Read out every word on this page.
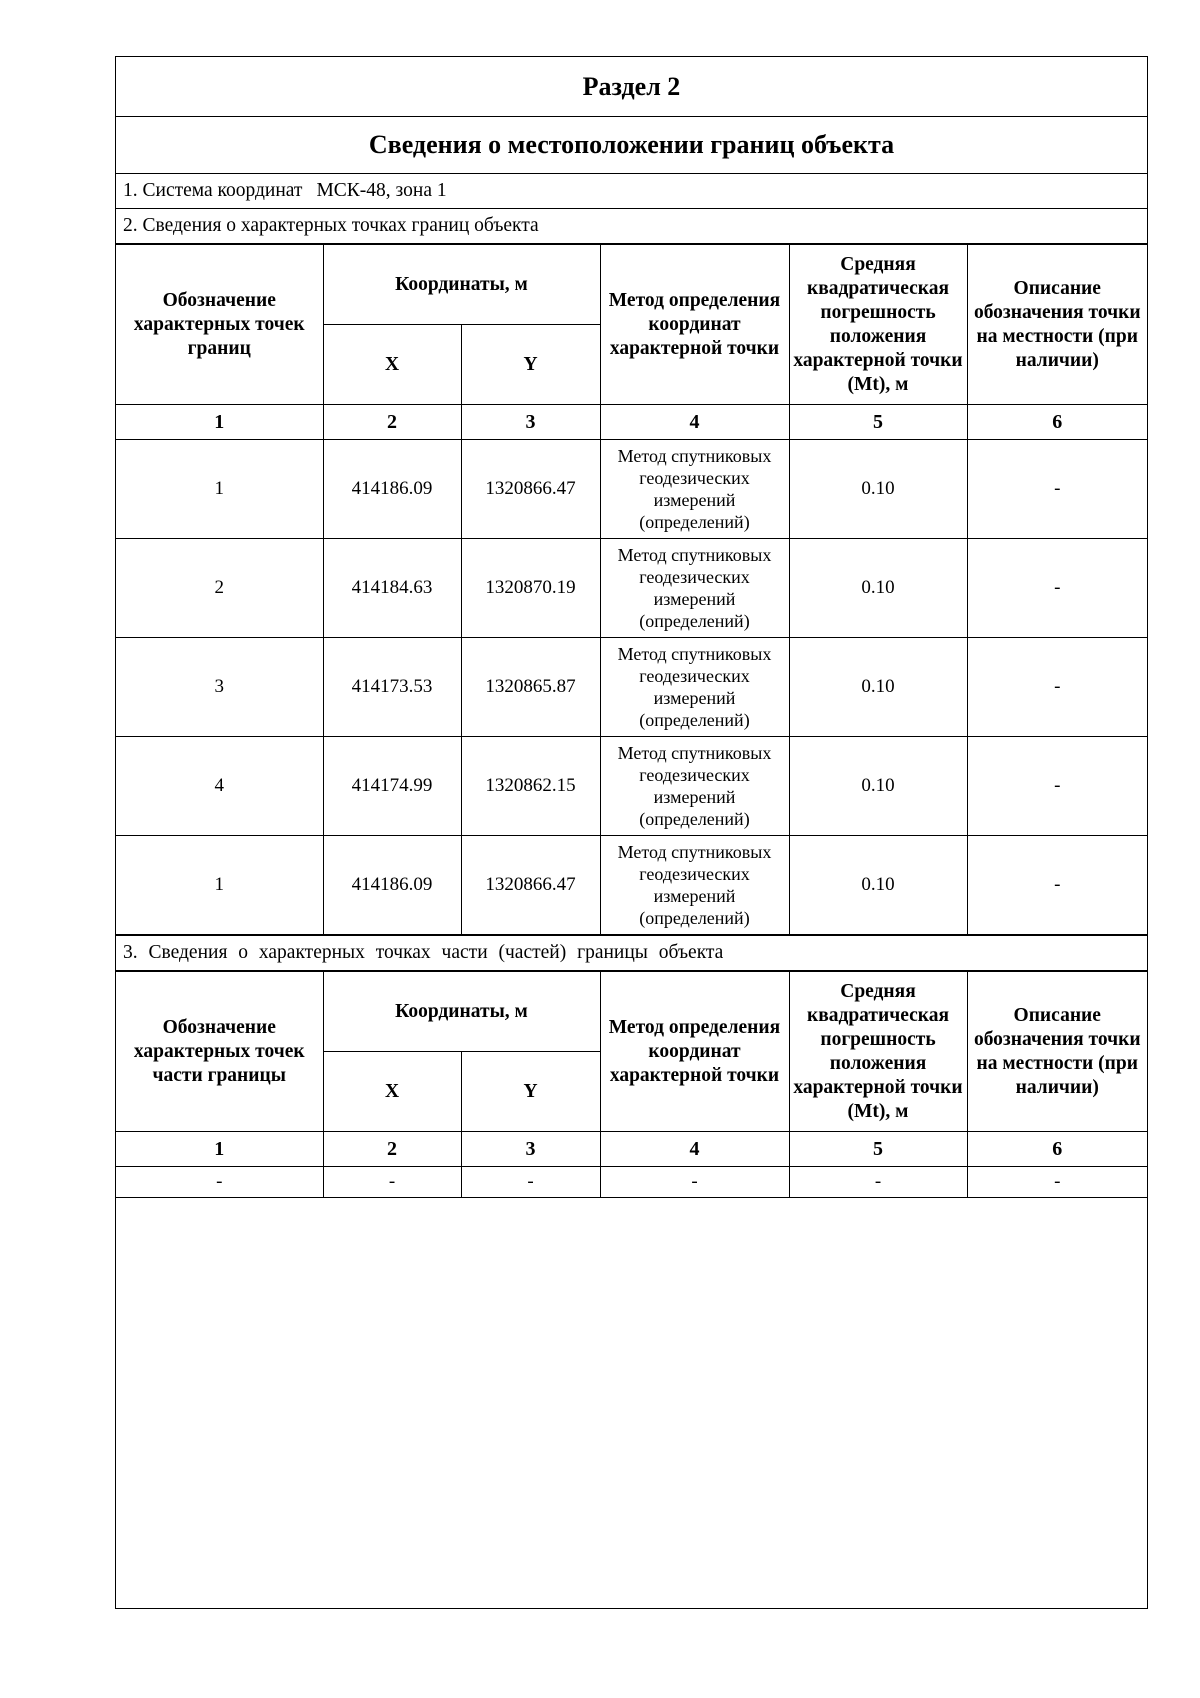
Раздел 2
Сведения о местоположении границ объекта
1. Система координат МСК-48, зона 1
2. Сведения о характерных точках границ объекта
Обозначение характерных точек границ	Координаты, м		Метод определения координат характерной точки	Средняя квадратическая погрешность положения характерной точки (Mt), м	Описание обозначения точки на местности (при наличии)
	X	Y			
1	2	3	4	5	6
1	414186.09	1320866.47	Метод спутниковых геодезических измерений (определений)	0.10	-
2	414184.63	1320870.19	Метод спутниковых геодезических измерений (определений)	0.10	-
3	414173.53	1320865.87	Метод спутниковых геодезических измерений (определений)	0.10	-
4	414174.99	1320862.15	Метод спутниковых геодезических измерений (определений)	0.10	-
1	414186.09	1320866.47	Метод спутниковых геодезических измерений (определений)	0.10	-
3. Сведения о характерных точках части (частей) границы объекта
Обозначение характерных точек части границы	Координаты, м		Метод определения координат характерной точки	Средняя квадратическая погрешность положения характерной точки (Mt), м	Описание обозначения точки на местности (при наличии)
	X	Y			
1	2	3	4	5	6
-	-	-	-	-	-
